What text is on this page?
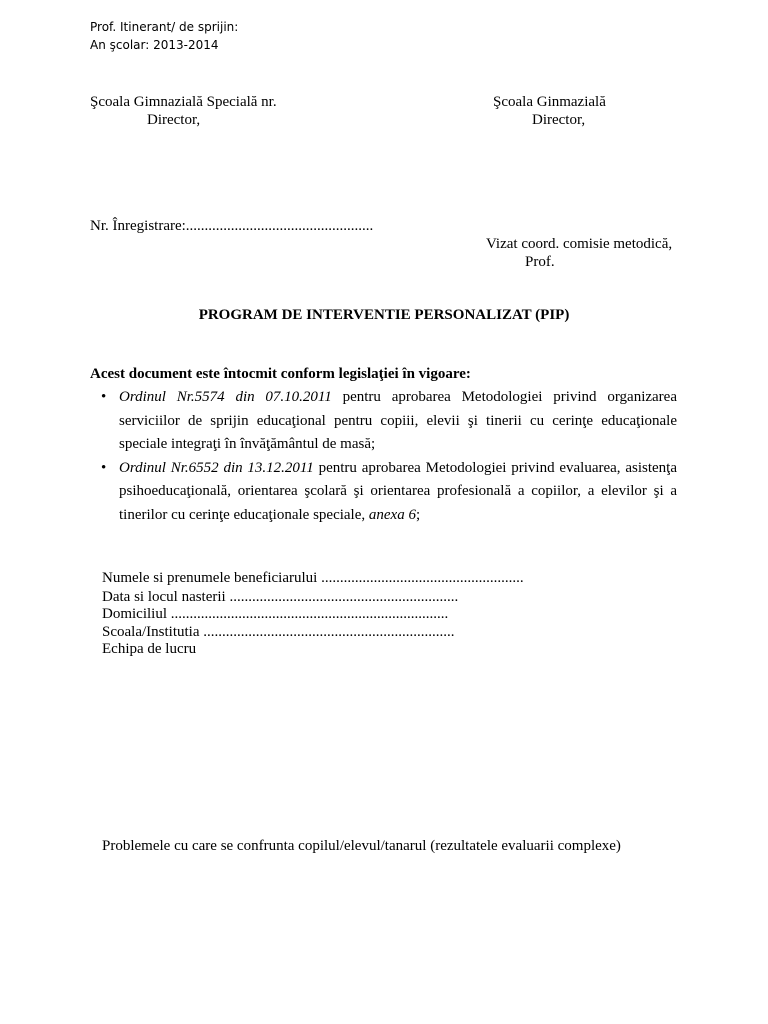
Prof. Itinerant/ de sprijin:
An şcolar: 2013-2014
Şcoala Gimnazială Specială nr.
Director,
Şcoala Ginmazială
Director,
Nr. Înregistrare:..................................................
Vizat coord. comisie metodică,
Prof.
PROGRAM DE INTERVENTIE PERSONALIZAT (PIP)
Acest document este întocmit conform legislaţiei în vigoare:
• Ordinul Nr.5574 din 07.10.2011 pentru aprobarea Metodologiei privind organizarea serviciilor de sprijin educaţional pentru copiii, elevii şi tinerii cu cerinţe educaţionale speciale integraţi în învăţământul de masă;
• Ordinul Nr.6552 din 13.12.2011 pentru aprobarea Metodologiei privind evaluarea, asistenţa psihoeducaţională, orientarea şcolară şi orientarea profesională a copiilor, a elevilor şi a tinerilor cu cerinţe educaţionale speciale, anexa 6;
Numele si prenumele beneficiarului ......................................................
Data si locul nasterii .............................................................
Domiciliul ..........................................................................
Scoala/Institutia ...................................................................
Echipa de lucru
Problemele cu care se confrunta copilul/elevul/tanarul (rezultatele evaluarii complexe)
